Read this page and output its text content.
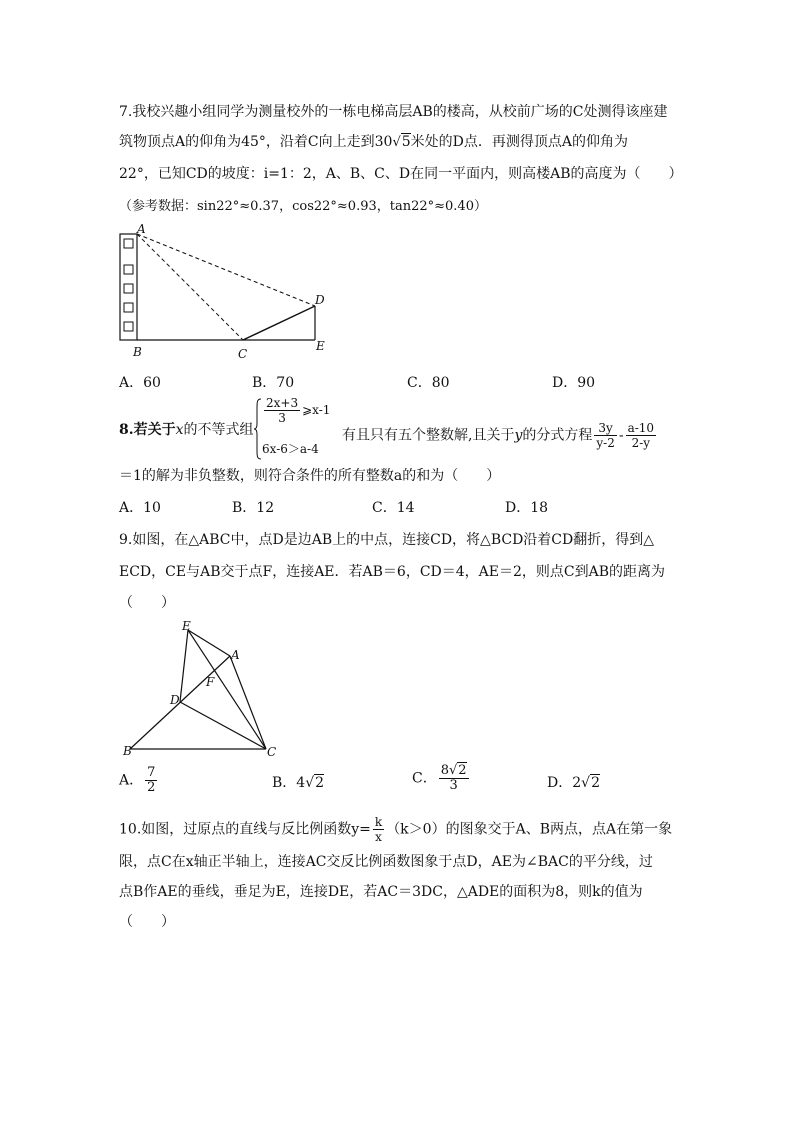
7.我校兴趣小组同学为测量校外的一栋电梯高层AB的楼高，从校前广场的C处测得该座建
筑物顶点A的仰角为45°，沿着C向上走到30√5米处的D点．再测得顶点A的仰角为
22°，已知CD的坡度：i=1：2，A、B、C、D在同一平面内，则高楼AB的高度为（　　）
（参考数据：sin22°≈0.37，cos22°≈0.93，tan22°≈0.40）
A
B	C
D
E
A．60	B．70	C．80	D．90
8.若关于x的不等式组
$\frac{2x+3}{3}$ ⩾x-1
6x-6＞a-4
有且只有五个整数解,且关于y的分式方程 $\frac{3y}{y-2} - \frac{a-10}{2-y}$
＝1的解为非负整数，则符合条件的所有整数a的和为（　　）
A．10	B．12	C．14	D．18
9.如图，在△ABC中，点D是边AB上的中点，连接CD，将△BCD沿着CD翻折，得到△
ECD，CE与AB交于点F，连接AE．若AB＝6，CD＝4，AE＝2，则点C到AB的距离为
（　　）
E
A
F
D
B	C
A． $\frac{7}{2}$	B．4√2	C． $\frac{8√2}{3}$	D．2√2
10.如图，过原点的直线与反比例函数$y= \frac{k}{x} (k>0)$的图象交于A、B两点，点A在第一象
限，点C在x轴正半轴上，连接AC交反比例函数图象于点D，AE为∠BAC的平分线，过
点B作AE的垂线，垂足为E，连接DE，若AC＝3DC，△ADE的面积为8，则k的值为
（　　）
